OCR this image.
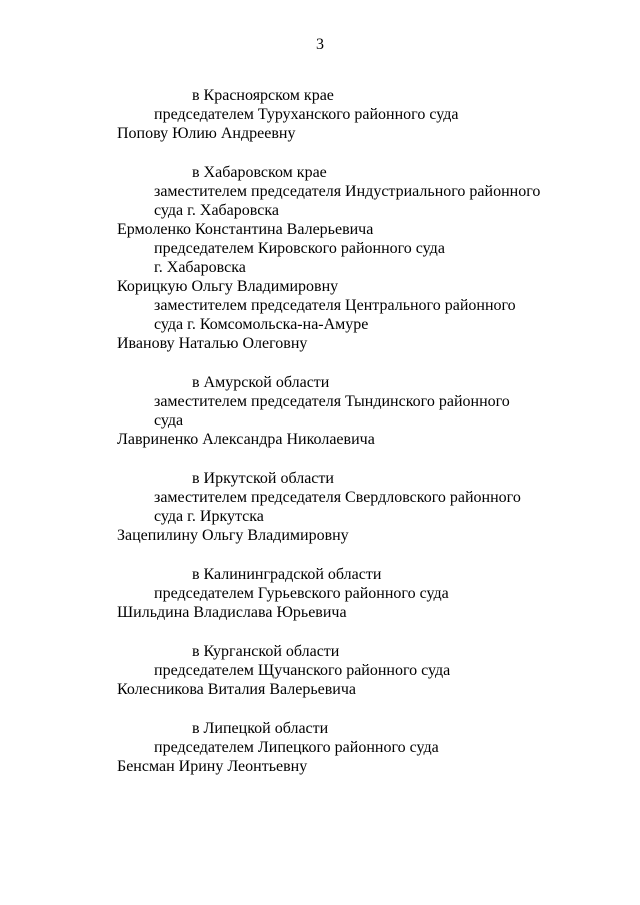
3
в Красноярском крае
председателем Туруханского районного суда
Попову Юлию Андреевну
в Хабаровском крае
заместителем председателя Индустриального районного
суда г. Хабаровска
Ермоленко Константина Валерьевича
председателем Кировского районного суда
г. Хабаровска
Корицкую Ольгу Владимировну
заместителем председателя Центрального районного
суда г. Комсомольска-на-Амуре
Иванову Наталью Олеговну
в Амурской области
заместителем председателя Тындинского районного
суда
Лавриненко Александра Николаевича
в Иркутской области
заместителем председателя Свердловского районного
суда г. Иркутска
Зацепилину Ольгу Владимировну
в Калининградской области
председателем Гурьевского районного суда
Шильдина Владислава Юрьевича
в Курганской области
председателем Щучанского районного суда
Колесникова Виталия Валерьевича
в Липецкой области
председателем Липецкого районного суда
Бенсман Ирину Леонтьевну
